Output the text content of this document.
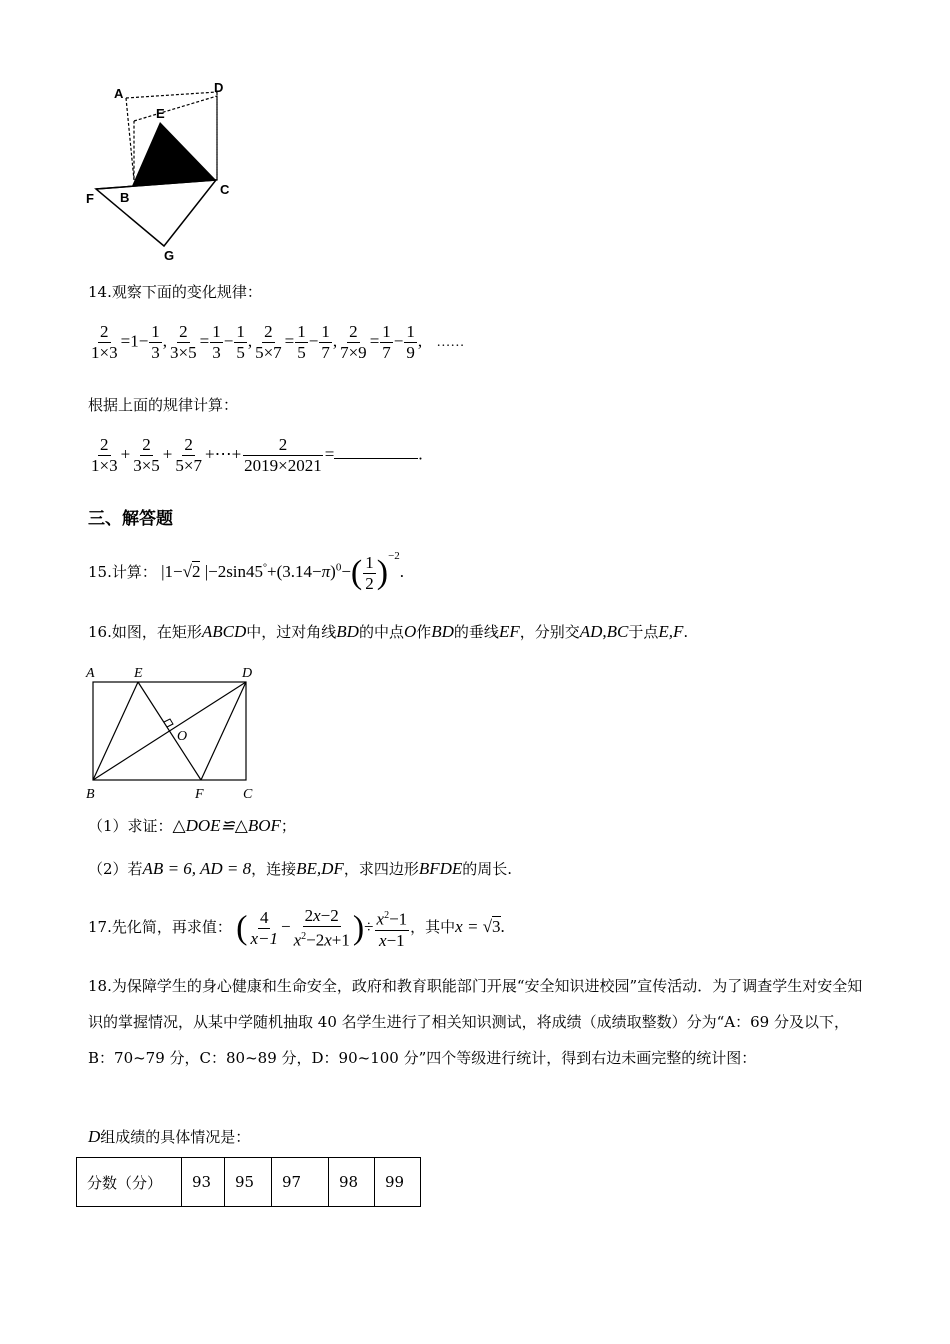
A	D
E
F B
C
G
14.观察下面的变化规律：
$\frac{2}{1\times 3} =1- \frac{1}{3}$ , $\frac{2}{3\times 5} = \frac{1}{3} - \frac{1}{5}$ , $\frac{2}{5\times 7} = \frac{1}{5} - \frac{1}{7}$ , $\frac{2}{7\times 9} = \frac{1}{7} - \frac{1}{9}$ , ……
根据上面的规律计算：
$\frac{2}{1\times 3} + \frac{2}{3\times 5} + \frac{2}{5\times 7}$ +⋯+ $\frac{2}{2019\times 2021}$ =	.
三、解答题
15.计算： |1−√2 $|-2\sin 45^\circ+(3.14-\pi)^0-( \frac{1}{2} )^{-2}$.
16.如图，在矩形ABCD中，过对角线BD的中点O作BD的垂线EF，分别交AD,BC于点E,F.
A	E	D
O
B	F	C
（1）求证：△DOE≌△BOF；
（2）若AB = 6, AD = 8，连接BE,DF，求四边形BFDE的周长.
17.先化简，再求值： ( $\frac{4}{x-1} - \frac{2x-2}{x^2-2x+1}$ )÷ $\frac{x^2-1}{x-1}$ ，其中x = √3.
18.为保障学生的身心健康和生命安全，政府和教育职能部门开展“安全知识进校园”宣传活动．为了调查学生对安全知识的掌握情况，从某中学随机抽取 40 名学生进行了相关知识测试，将成绩（成绩取整数）分为“A：69 分及以下，B：70~79 分，C：80~89 分，D：90~100 分”四个等级进行统计，得到右边未画完整的统计图：
D组成绩的具体情况是：
分数（分）	93	95	97	98	99
